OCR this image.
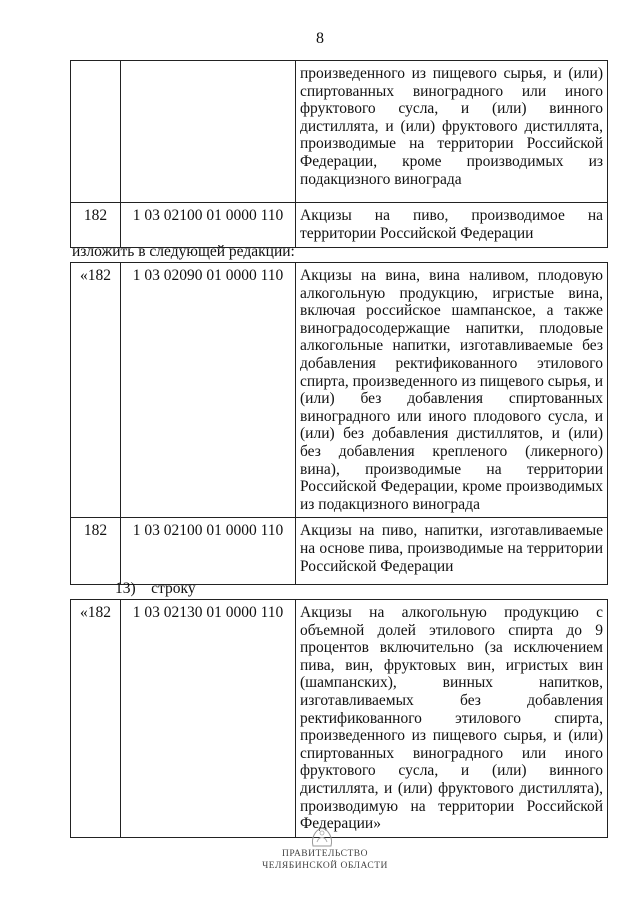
8

		произведенного из пищевого сырья, и (или) спиртованных виноградного или иного фруктового сусла, и (или) винного дистиллята, и (или) фруктового дистиллята, производимые на территории Российской Федерации, кроме производимых из подакцизного винограда

182	1 03 02100 01 0000 110	Акцизы на пиво, производимое на территории Российской Федерации
изложить в следующей редакции:
«182	1 03 02090 01 0000 110	Акцизы на вина, вина наливом, плодовую алкогольную продукцию, игристые вина, включая российское шампанское, а также виноградосодержащие напитки, плодовые алкогольные напитки, изготавливаемые без добавления ректификованного этилового спирта, произведенного из пищевого сырья, и (или) без добавления спиртованных виноградного или иного плодового сусла, и (или) без добавления дистиллятов, и (или) без добавления крепленого (ликерного) вина), производимые на территории Российской Федерации, кроме производимых из подакцизного винограда

182	1 03 02100 01 0000 110	Акцизы на пиво, напитки, изготавливаемые на основе пива, производимые на территории Российской Федерации
13)    строку
«182	1 03 02130 01 0000 110	Акцизы на алкогольную продукцию с объемной долей этилового спирта до 9 процентов включительно (за исключением пива, вин, фруктовых вин, игристых вин (шампанских), винных напитков, изготавливаемых без добавления ректификованного этилового спирта, произведенного из пищевого сырья, и (или) спиртованных виноградного или иного фруктового сусла, и (или) винного дистиллята, и (или) фруктового дистиллята), производимую на территории Российской Федерации»
ПРАВИТЕЛЬСТВО
ЧЕЛЯБИНСКОЙ ОБЛАСТИ
